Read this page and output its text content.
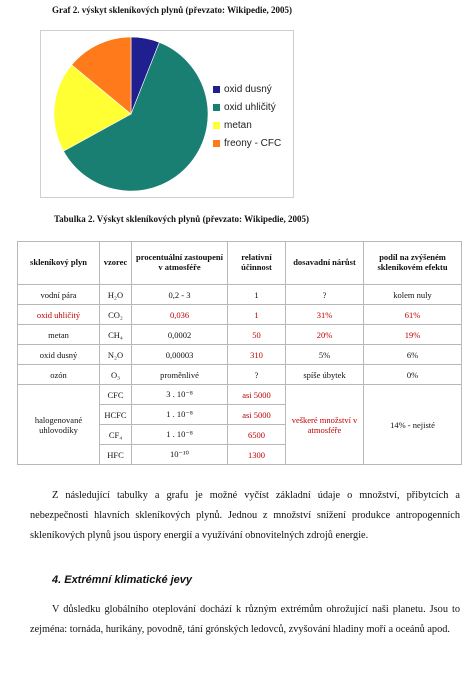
Graf 2. výskyt skleníkových plynů (převzato: Wikipedie, 2005)
oxid dusný
oxid uhličitý
metan
freony - CFC
Tabulka 2. Výskyt skleníkových plynů (převzato: Wikipedie, 2005)
skleníkový plyn	vzorec	procentuální zastoupení v atmosféře	relativní účinnost	dosavadní nárůst	podíl na zvýšeném skleníkovém efektu
vodní pára	H₂O	0,2 - 3	1	?	kolem nuly
oxid uhličitý	CO₂	0,036	1	31%	61%
metan	CH₄	0,0002	50	20%	19%
oxid dusný	N₂O	0,00003	310	5%	6%
ozón	O₃	proměnlivé	?	spíše úbytek	0%
halogenované uhlovodíky	CFC	3 . 10⁻⁸	asi 5000	veškeré množství v atmosféře	14% - nejisté
	HCFC	1 . 10⁻⁸	asi 5000		
	CF₄	1 . 10⁻⁸	6500		
	HFC	10⁻¹⁰	1300		
Z následující tabulky a grafu je možné vyčíst základní údaje o množství, přibytcích a nebezpečnosti hlavních skleníkových plynů. Jednou z množství snížení produkce antropogenních skleníkových plynů jsou úspory energií a využívání obnovitelných zdrojů energie.
4. Extrémní klimatické jevy
V důsledku globálního oteplování dochází k různým extrémům ohrožující naši planetu. Jsou to zejména: tornáda, hurikány, povodně, tání grónských ledovců, zvyšování hladiny moří a oceánů apod.
